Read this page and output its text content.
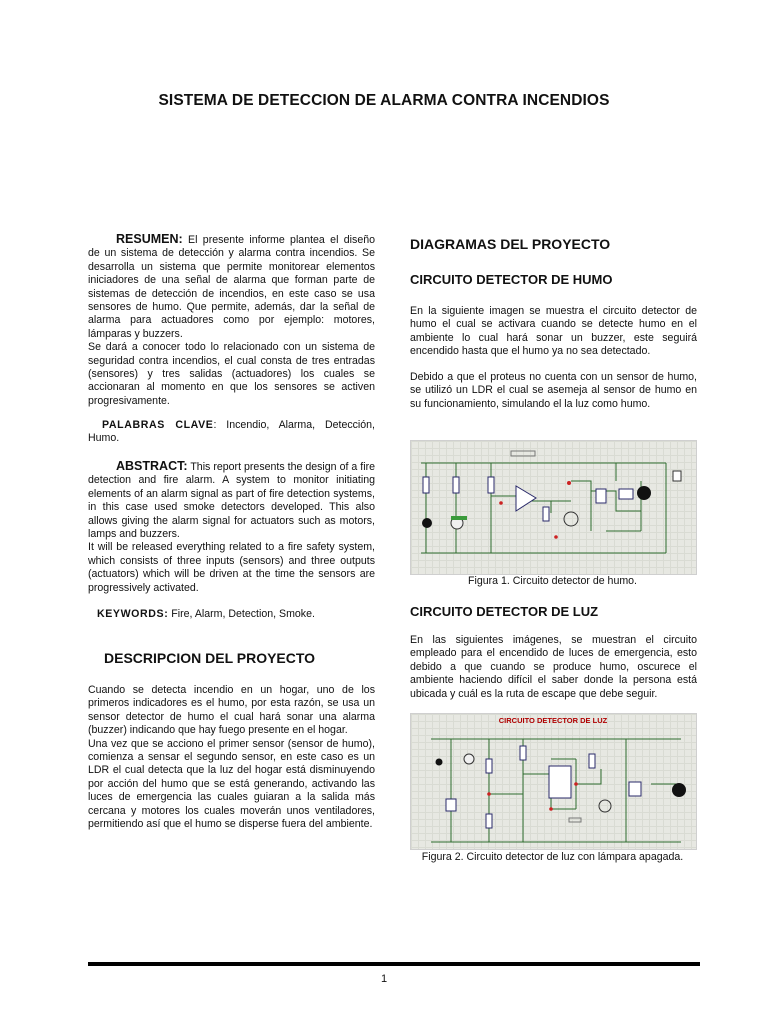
SISTEMA DE DETECCION DE ALARMA CONTRA INCENDIOS

RESUMEN: El presente informe plantea el diseño de un sistema de detección y alarma contra incendios. Se desarrolla un sistema que permite monitorear elementos iniciadores de una señal de alarma que forman parte de sistemas de detección de incendios, en este caso se usa sensores de humo. Que permite, además, dar la señal de alarma para actuadores como por ejemplo: motores, lámparas y buzzers.

Se dará a conocer todo lo relacionado con un sistema de seguridad contra incendios, el cual consta de tres entradas (sensores) y tres salidas (actuadores) los cuales se accionaran al momento en que los sensores se activen progresivamente.

PALABRAS CLAVE: Incendio, Alarma, Detección, Humo.

ABSTRACT: This report presents the design of a fire detection and fire alarm. A system to monitor initiating elements of an alarm signal as part of fire detection systems, in this case used smoke detectors developed. This also allows giving the alarm signal for actuators such as motors, lamps and buzzers.

It will be released everything related to a fire safety system, which consists of three inputs (sensors) and three outputs (actuators) which will be driven at the time the sensors are progressively activated.

KEYWORDS: Fire, Alarm, Detection, Smoke.

DESCRIPCION DEL PROYECTO

Cuando se detecta incendio en un hogar, uno de los primeros indicadores es el humo, por esta razón, se usa un sensor detector de humo el cual hará sonar una alarma (buzzer) indicando que hay fuego presente en el hogar.

Una vez que se acciono el primer sensor (sensor de humo), comienza a sensar el segundo sensor, en este caso es un LDR el cual detecta que la luz del hogar está disminuyendo por acción del humo que se está generando, activando las luces de emergencia las cuales guiaran a la salida más cercana y motores los cuales moverán unos ventiladores, permitiendo así que el humo se disperse fuera del ambiente.

DIAGRAMAS DEL PROYECTO
CIRCUITO DETECTOR DE HUMO
En la siguiente imagen se muestra el circuito detector de humo el cual se activara cuando se detecte humo en el ambiente lo cual hará sonar un buzzer, este seguirá encendido hasta que el humo ya no sea detectado.
Debido a que el proteus no cuenta con un sensor de humo, se utilizó un LDR el cual se asemeja al sensor de humo en su funcionamiento, simulando el la luz como humo.
Figura 1. Circuito detector de humo.
CIRCUITO DETECTOR DE LUZ
En las siguientes imágenes, se muestran el circuito empleado para el encendido de luces de emergencia, esto debido a que cuando se produce humo, oscurece el ambiente haciendo difícil el saber donde la persona está ubicada y cuál es la ruta de escape que debe seguir.
CIRCUITO DETECTOR DE LUZ
Figura 2. Circuito detector de luz con lámpara apagada.
1
